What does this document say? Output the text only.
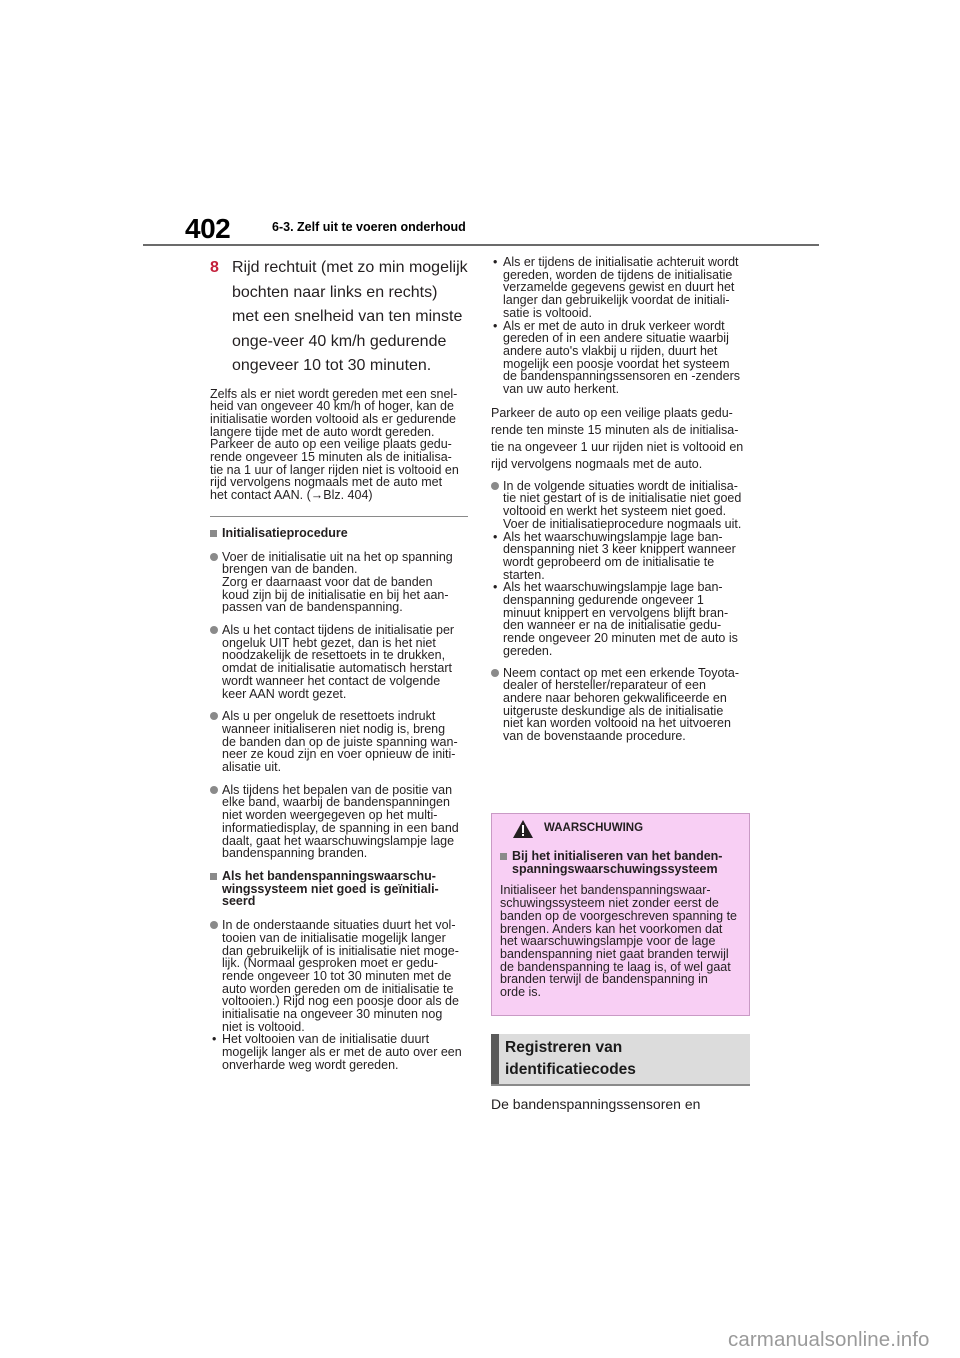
402	6-3. Zelf uit te voeren onderhoud
8 Rijd rechtuit (met zo min mogelijk bochten naar links en rechts) met een snelheid van ten minste onge-veer 40 km/h gedurende ongeveer 10 tot 30 minuten.
Zelfs als er niet wordt gereden met een snel-
heid van ongeveer 40 km/h of hoger, kan de
initialisatie worden voltooid als er gedurende
langere tijde met de auto wordt gereden.
Parkeer de auto op een veilige plaats gedu-
rende ongeveer 15 minuten als de initialisa-
tie na 1 uur of langer rijden niet is voltooid en
rijd vervolgens nogmaals met de auto met
het contact AAN. (→Blz. 404)
Initialisatieprocedure
Voer de initialisatie uit na het op spanning
brengen van de banden.
Zorg er daarnaast voor dat de banden
koud zijn bij de initialisatie en bij het aan-
passen van de bandenspanning.
Als u het contact tijdens de initialisatie per
ongeluk UIT hebt gezet, dan is het niet
noodzakelijk de resettoets in te drukken,
omdat de initialisatie automatisch herstart
wordt wanneer het contact de volgende
keer AAN wordt gezet.
Als u per ongeluk de resettoets indrukt
wanneer initialiseren niet nodig is, breng
de banden dan op de juiste spanning wan-
neer ze koud zijn en voer opnieuw de initi-
alisatie uit.
Als tijdens het bepalen van de positie van
elke band, waarbij de bandenspanningen
niet worden weergegeven op het multi-
informatiedisplay, de spanning in een band
daalt, gaat het waarschuwingslampje lage
bandenspanning branden.
Als het bandenspanningswaarschu-
wingssysteem niet goed is geïnitiali-
seerd
In de onderstaande situaties duurt het vol-
tooien van de initialisatie mogelijk langer
dan gebruikelijk of is initialisatie niet moge-
lijk. (Normaal gesproken moet er gedu-
rende ongeveer 10 tot 30 minuten met de
auto worden gereden om de initialisatie te
voltooien.) Rijd nog een poosje door als de
initialisatie na ongeveer 30 minuten nog
niet is voltooid.
• Het voltooien van de initialisatie duurt
mogelijk langer als er met de auto over een
onverharde weg wordt gereden.
• Als er tijdens de initialisatie achteruit wordt
gereden, worden de tijdens de initialisatie
verzamelde gegevens gewist en duurt het
langer dan gebruikelijk voordat de initiali-
satie is voltooid.
• Als er met de auto in druk verkeer wordt
gereden of in een andere situatie waarbij
andere auto's vlakbij u rijden, duurt het
mogelijk een poosje voordat het systeem
de bandenspanningssensoren en -zenders
van uw auto herkent.
Parkeer de auto op een veilige plaats gedu-
rende ten minste 15 minuten als de initialisa-
tie na ongeveer 1 uur rijden niet is voltooid en
rijd vervolgens nogmaals met de auto.
In de volgende situaties wordt de initialisa-
tie niet gestart of is de initialisatie niet goed
voltooid en werkt het systeem niet goed.
Voer de initialisatieprocedure nogmaals uit.
• Als het waarschuwingslampje lage ban-
denspanning niet 3 keer knippert wanneer
wordt geprobeerd om de initialisatie te
starten.
• Als het waarschuwingslampje lage ban-
denspanning gedurende ongeveer 1
minuut knippert en vervolgens blijft bran-
den wanneer er na de initialisatie gedu-
rende ongeveer 20 minuten met de auto is
gereden.
Neem contact op met een erkende Toyota-
dealer of hersteller/reparateur of een
andere naar behoren gekwalificeerde en
uitgeruste deskundige als de initialisatie
niet kan worden voltooid na het uitvoeren
van de bovenstaande procedure.
WAARSCHUWING
Bij het initialiseren van het banden-
spanningswaarschuwingssysteem
Initialiseer het bandenspanningswaar-
schuwingssysteem niet zonder eerst de
banden op de voorgeschreven spanning te
brengen. Anders kan het voorkomen dat
het waarschuwingslampje voor de lage
bandenspanning niet gaat branden terwijl
de bandenspanning te laag is, of wel gaat
branden terwijl de bandenspanning in
orde is.
Registreren van
identificatiecodes
De bandenspanningssensoren en
carmanualsonline.info
